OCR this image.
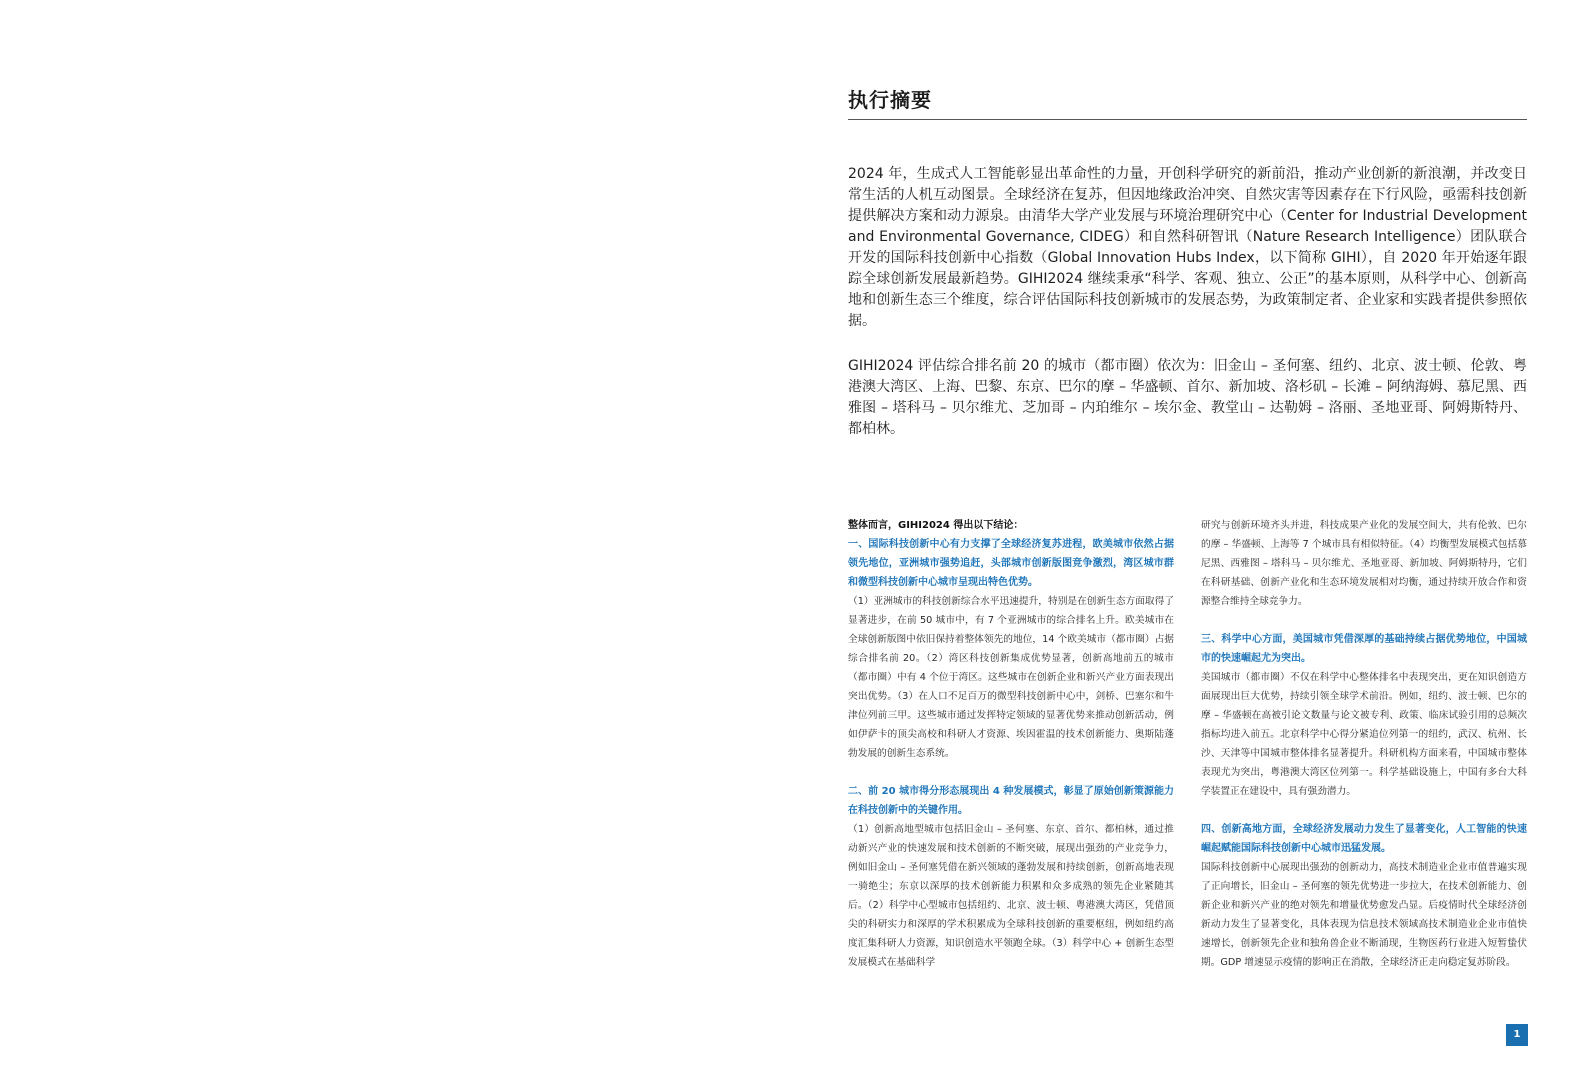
执行摘要

2024 年，生成式人工智能彰显出革命性的力量，开创科学研究的新前沿，推动产业创新的新浪潮，并改变日常生活的人机互动图景。全球经济在复苏，但因地缘政治冲突、自然灾害等因素存在下行风险，亟需科技创新提供解决方案和动力源泉。由清华大学产业发展与环境治理研究中心（Center for Industrial Development and Environmental Governance, CIDEG）和自然科研智讯（Nature Research Intelligence）团队联合开发的国际科技创新中心指数（Global Innovation Hubs Index，以下简称 GIHI），自 2020 年开始逐年跟踪全球创新发展最新趋势。GIHI2024 继续秉承“科学、客观、独立、公正”的基本原则，从科学中心、创新高地和创新生态三个维度，综合评估国际科技创新城市的发展态势，为政策制定者、企业家和实践者提供参照依据。

GIHI2024 评估综合排名前 20 的城市（都市圈）依次为：旧金山 – 圣何塞、纽约、北京、波士顿、伦敦、粤港澳大湾区、上海、巴黎、东京、巴尔的摩 – 华盛顿、首尔、新加坡、洛杉矶 – 长滩 – 阿纳海姆、慕尼黑、西雅图 – 塔科马 – 贝尔维尤、芝加哥 – 内珀维尔 – 埃尔金、教堂山 – 达勒姆 – 洛丽、圣地亚哥、阿姆斯特丹、都柏林。

整体而言，GIHI2024 得出以下结论：

一、国际科技创新中心有力支撑了全球经济复苏进程，欧美城市依然占据领先地位，亚洲城市强势追赶，头部城市创新版图竞争激烈，湾区城市群和微型科技创新中心城市呈现出特色优势。

（1）亚洲城市的科技创新综合水平迅速提升，特别是在创新生态方面取得了显著进步，在前 50 城市中，有 7 个亚洲城市的综合排名上升。欧美城市在全球创新版图中依旧保持着整体领先的地位，14 个欧美城市（都市圈）占据综合排名前 20。（2）湾区科技创新集成优势显著，创新高地前五的城市（都市圈）中有 4 个位于湾区。这些城市在创新企业和新兴产业方面表现出突出优势。（3）在人口不足百万的微型科技创新中心中，剑桥、巴塞尔和牛津位列前三甲。这些城市通过发挥特定领域的显著优势来推动创新活动，例如伊萨卡的顶尖高校和科研人才资源、埃因霍温的技术创新能力、奥斯陆蓬勃发展的创新生态系统。

二、前 20 城市得分形态展现出 4 种发展模式，彰显了原始创新策源能力在科技创新中的关键作用。

（1）创新高地型城市包括旧金山 – 圣何塞、东京、首尔、都柏林，通过推动新兴产业的快速发展和技术创新的不断突破，展现出强劲的产业竞争力，例如旧金山 – 圣何塞凭借在新兴领域的蓬勃发展和持续创新，创新高地表现一骑绝尘；东京以深厚的技术创新能力积累和众多成熟的领先企业紧随其后。（2）科学中心型城市包括纽约、北京、波士顿、粤港澳大湾区，凭借顶尖的科研实力和深厚的学术积累成为全球科技创新的重要枢纽，例如纽约高度汇集科研人力资源，知识创造水平领跑全球。（3）科学中心 + 创新生态型发展模式在基础科学

研究与创新环境齐头并进，科技成果产业化的发展空间大，共有伦敦、巴尔的摩 – 华盛顿、上海等 7 个城市具有相似特征。（4）均衡型发展模式包括慕尼黑、西雅图 – 塔科马 – 贝尔维尤、圣地亚哥、新加坡、阿姆斯特丹，它们在科研基础、创新产业化和生态环境发展相对均衡，通过持续开放合作和资源整合维持全球竞争力。

三、科学中心方面，美国城市凭借深厚的基础持续占据优势地位，中国城市的快速崛起尤为突出。

美国城市（都市圈）不仅在科学中心整体排名中表现突出，更在知识创造方面展现出巨大优势，持续引领全球学术前沿。例如，纽约、波士顿、巴尔的摩 – 华盛顿在高被引论文数量与论文被专利、政策、临床试验引用的总频次指标均进入前五。北京科学中心得分紧追位列第一的纽约，武汉、杭州、长沙、天津等中国城市整体排名显著提升。科研机构方面来看，中国城市整体表现尤为突出，粤港澳大湾区位列第一。科学基础设施上，中国有多台大科学装置正在建设中，具有强劲潜力。

四、创新高地方面，全球经济发展动力发生了显著变化，人工智能的快速崛起赋能国际科技创新中心城市迅猛发展。

国际科技创新中心展现出强劲的创新动力，高技术制造业企业市值普遍实现了正向增长，旧金山 – 圣何塞的领先优势进一步拉大，在技术创新能力、创新企业和新兴产业的绝对领先和增量优势愈发凸显。后疫情时代全球经济创新动力发生了显著变化，具体表现为信息技术领域高技术制造业企业市值快速增长，创新领先企业和独角兽企业不断涌现，生物医药行业进入短暂蛰伏期。GDP 增速显示疫情的影响正在消散，全球经济正走向稳定复苏阶段。

1
